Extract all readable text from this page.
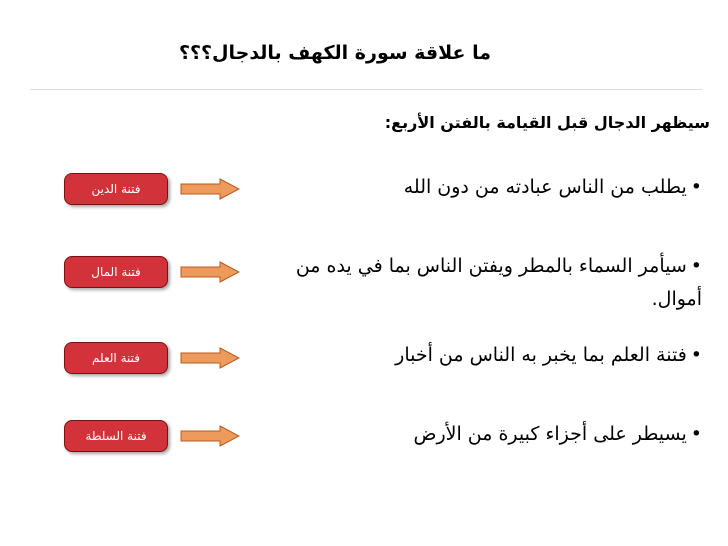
ما علاقة سورة الكهف بالدجال؟؟؟
سيظهر الدجال قبل القيامة بالفتن الأربع:
•يطلب من الناس عبادته من دون الله
فتنة الدين
•سيأمر السماء بالمطر ويفتن الناس بما في يده من أموال.
فتنة المال
•فتنة العلم بما يخبر به الناس من أخبار
فتنة العلم
•يسيطر على أجزاء كبيرة من الأرض
فتنة السلطة
